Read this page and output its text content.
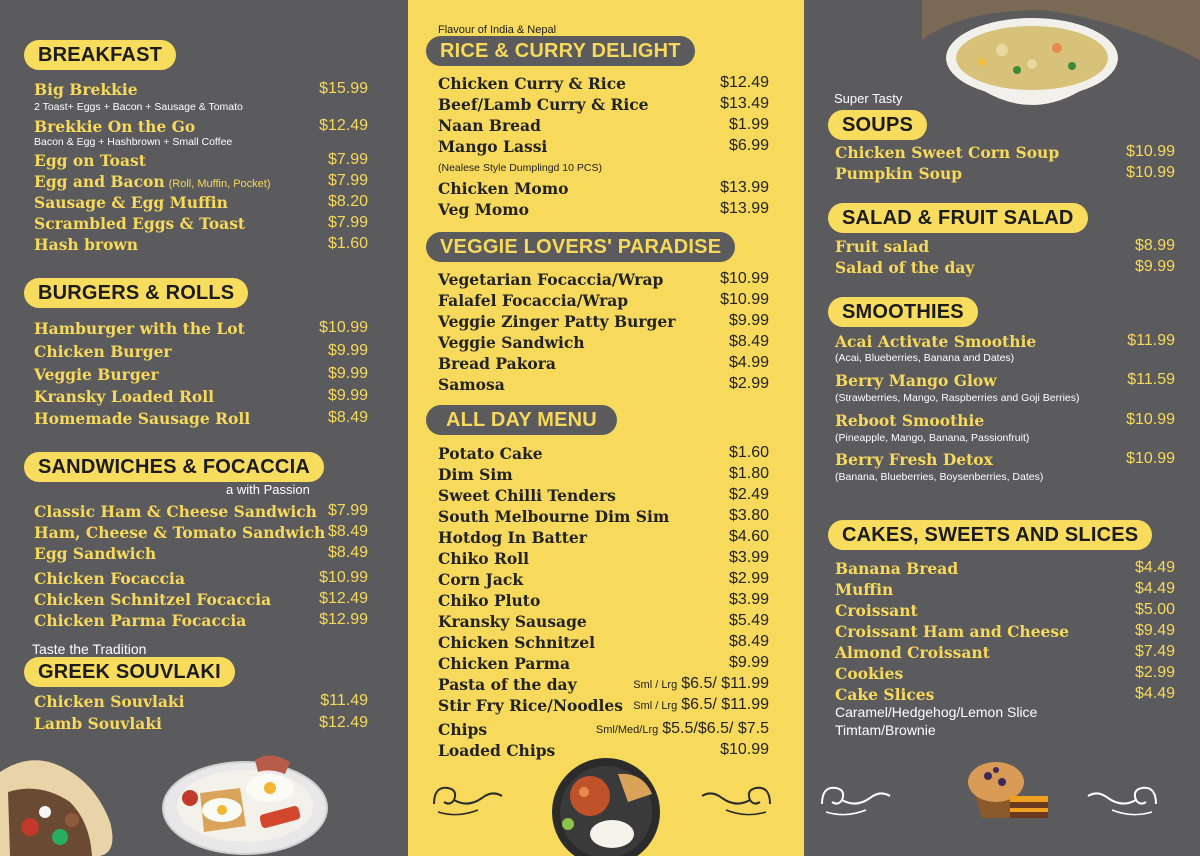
BREAKFAST
Big Brekkie	$15.99
2 Toast+ Eggs + Bacon + Sausage & Tomato
Brekkie On the Go	$12.49
Bacon & Egg + Hashbrown + Small Coffee
Egg on Toast	$7.99
Egg and Bacon (Roll, Muffin, Pocket)	$7.99
Sausage & Egg Muffin	$8.20
Scrambled Eggs & Toast	$7.99
Hash brown	$1.60
BURGERS & ROLLS
Hamburger with the Lot	$10.99
Chicken Burger	$9.99
Veggie Burger	$9.99
Kransky Loaded Roll	$9.99
Homemade Sausage Roll	$8.49
SANDWICHES & FOCACCIA
a with Passion
Classic Ham & Cheese Sandwich $7.99
Ham, Cheese & Tomato Sandwich $8.49
Egg Sandwich	$8.49
Chicken Focaccia	$10.99
Chicken Schnitzel Focaccia	$12.49
Chicken Parma Focaccia	$12.99
Taste the Tradition
GREEK SOUVLAKI
Chicken Souvlaki	$11.49
Lamb Souvlaki	$12.49
Flavour of India & Nepal
RICE & CURRY DELIGHT
Chicken Curry & Rice	$12.49
Beef/Lamb Curry & Rice	$13.49
Naan Bread	$1.99
Mango Lassi	$6.99
(Nealese Style Dumplingd 10 PCS)
Chicken Momo	$13.99
Veg Momo	$13.99
VEGGIE LOVERS' PARADISE
Vegetarian Focaccia/Wrap	$10.99
Falafel Focaccia/Wrap	$10.99
Veggie Zinger Patty Burger	$9.99
Veggie Sandwich	$8.49
Bread Pakora	$4.99
Samosa	$2.99
ALL DAY MENU
Potato Cake	$1.60
Dim Sim	$1.80
Sweet Chilli Tenders	$2.49
South Melbourne Dim Sim	$3.80
Hotdog In Batter	$4.60
Chiko Roll	$3.99
Corn Jack	$2.99
Chiko Pluto	$3.99
Kransky Sausage	$5.49
Chicken Schnitzel	$8.49
Chicken Parma	$9.99
Pasta of the day	Sml / Lrg $6.5/ $11.99
Stir Fry Rice/Noodles Sml / Lrg $6.5/ $11.99
Chips	Sml/Med/Lrg $5.5/$6.5/ $7.5
Loaded Chips	$10.99
Super Tasty
SOUPS
Chicken Sweet Corn Soup	$10.99
Pumpkin Soup	$10.99
SALAD & FRUIT SALAD
Fruit salad	$8.99
Salad of the day	$9.99
SMOOTHIES
Acai Activate Smoothie	$11.99
(Acai, Blueberries, Banana and Dates)
Berry Mango Glow	$11.59
(Strawberries, Mango, Raspberries and Goji Berries)
Reboot Smoothie	$10.99
(Pineapple, Mango, Banana, Passionfruit)
Berry Fresh Detox	$10.99
(Banana, Blueberries, Boysenberries, Dates)
CAKES, SWEETS AND SLICES
Banana Bread	$4.49
Muffin	$4.49
Croissant	$5.00
Croissant Ham and Cheese	$9.49
Almond Croissant	$7.49
Cookies	$2.99
Cake Slices	$4.49
Caramel/Hedgehog/Lemon Slice
Timtam/Brownie
